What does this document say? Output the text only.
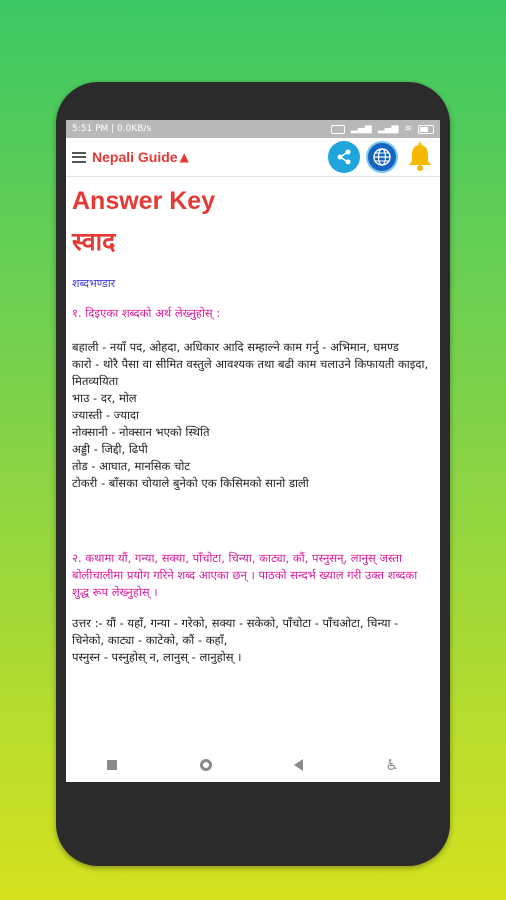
5:51 PM | 0.0KB/s	▂▄▆ ▂▄▆ ≋
Nepali Guide ▲
Answer Key
स्वाद
शब्दभण्डार
१. दिइएका शब्दको अर्थ लेख्नुहोस् :
बहाली - नयाँ पद, ओहदा, अधिकार आदि सम्हाल्ने काम गर्नु - अभिमान, घमण्ड
कारो - थोरै पैसा वा सीमित वस्तुले आवश्यक तथा बढी काम चलाउने किफायती काइदा, मितव्ययिता
भाउ - दर, मोल
ज्यास्ती - ज्यादा
नोक्सानी - नोक्सान भएको स्थिति
अड्डी - जिद्दी, ढिपी
तोड - आघात, मानसिक चोट
टोकरी - बाँसका चोयाले बुनेको एक किसिमको सानो डाली
२. कथामा यौं, गन्या, सक्या, पाँचोटा, चिन्या, काट्या, कौं, पस्नुसन्, लानुस् जस्ता बोलीचालीमा प्रयोग गरिने शब्द आएका छन् । पाठको सन्दर्भ ख्याल गरी उक्त शब्दका शुद्ध रूप लेख्नुहोस् ।
उत्तर :- यौं - यहाँ, गन्या - गरेको, सक्या - सकेको, पाँचोटा - पाँचओटा, चिन्या - चिनेको, काट्या - काटेको, कौं - कहाँ,
पस्नुस्न - पस्नुहोस् न, लानुस् - लानुहोस् ।
♿
